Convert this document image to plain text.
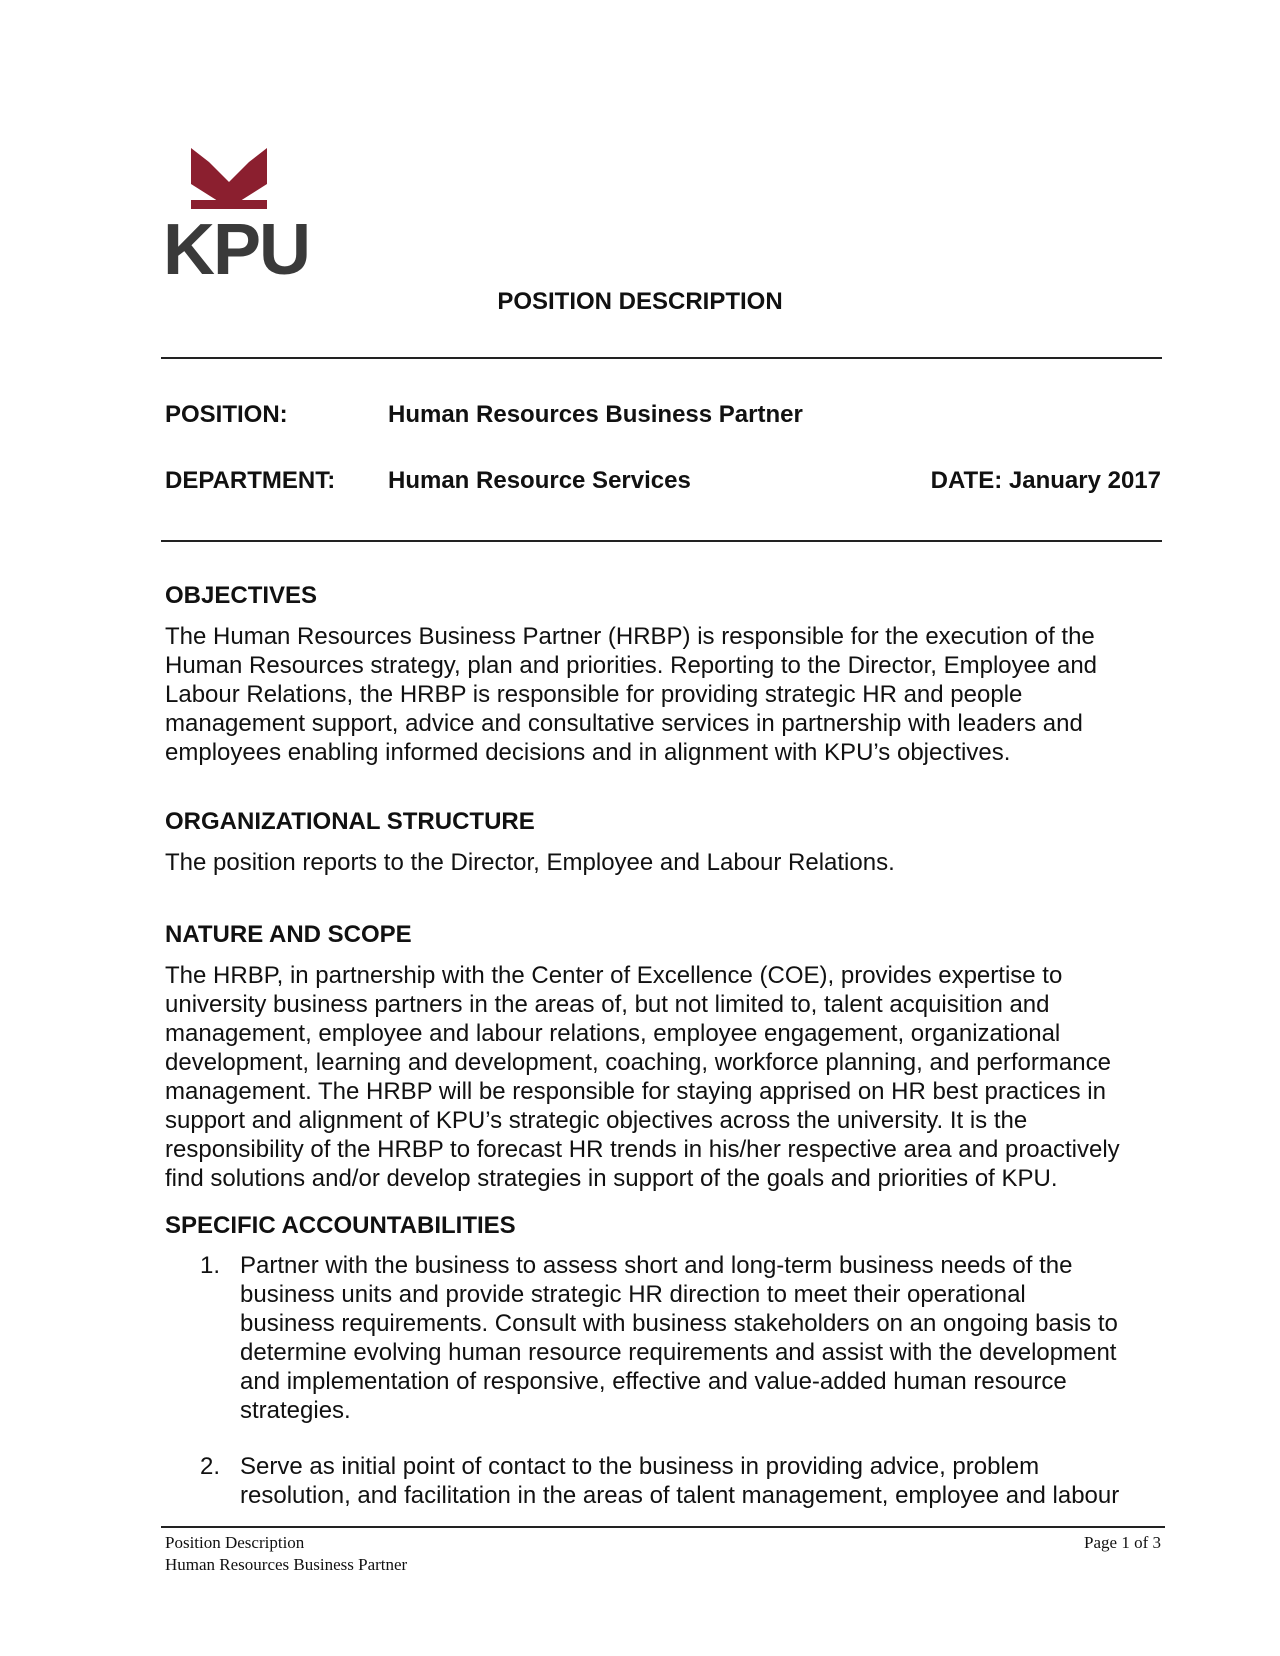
KPU
POSITION DESCRIPTION
POSITION:	Human Resources Business Partner
DEPARTMENT: Human Resource Services	DATE: January 2017
OBJECTIVES
The Human Resources Business Partner (HRBP) is responsible for the execution of the
Human Resources strategy, plan and priorities. Reporting to the Director, Employee and
Labour Relations, the HRBP is responsible for providing strategic HR and people
management support, advice and consultative services in partnership with leaders and
employees enabling informed decisions and in alignment with KPU’s objectives.
ORGANIZATIONAL STRUCTURE
The position reports to the Director, Employee and Labour Relations.
NATURE AND SCOPE
The HRBP, in partnership with the Center of Excellence (COE), provides expertise to
university business partners in the areas of, but not limited to, talent acquisition and
management, employee and labour relations, employee engagement, organizational
development, learning and development, coaching, workforce planning, and performance
management. The HRBP will be responsible for staying apprised on HR best practices in
support and alignment of KPU’s strategic objectives across the university. It is the
responsibility of the HRBP to forecast HR trends in his/her respective area and proactively
find solutions and/or develop strategies in support of the goals and priorities of KPU.
SPECIFIC ACCOUNTABILITIES
1. Partner with the business to assess short and long-term business needs of the
business units and provide strategic HR direction to meet their operational
business requirements. Consult with business stakeholders on an ongoing basis to
determine evolving human resource requirements and assist with the development
and implementation of responsive, effective and value-added human resource
strategies.
2. Serve as initial point of contact to the business in providing advice, problem
resolution, and facilitation in the areas of talent management, employee and labour
Position Description
Human Resources Business Partner
Page 1 of 3
